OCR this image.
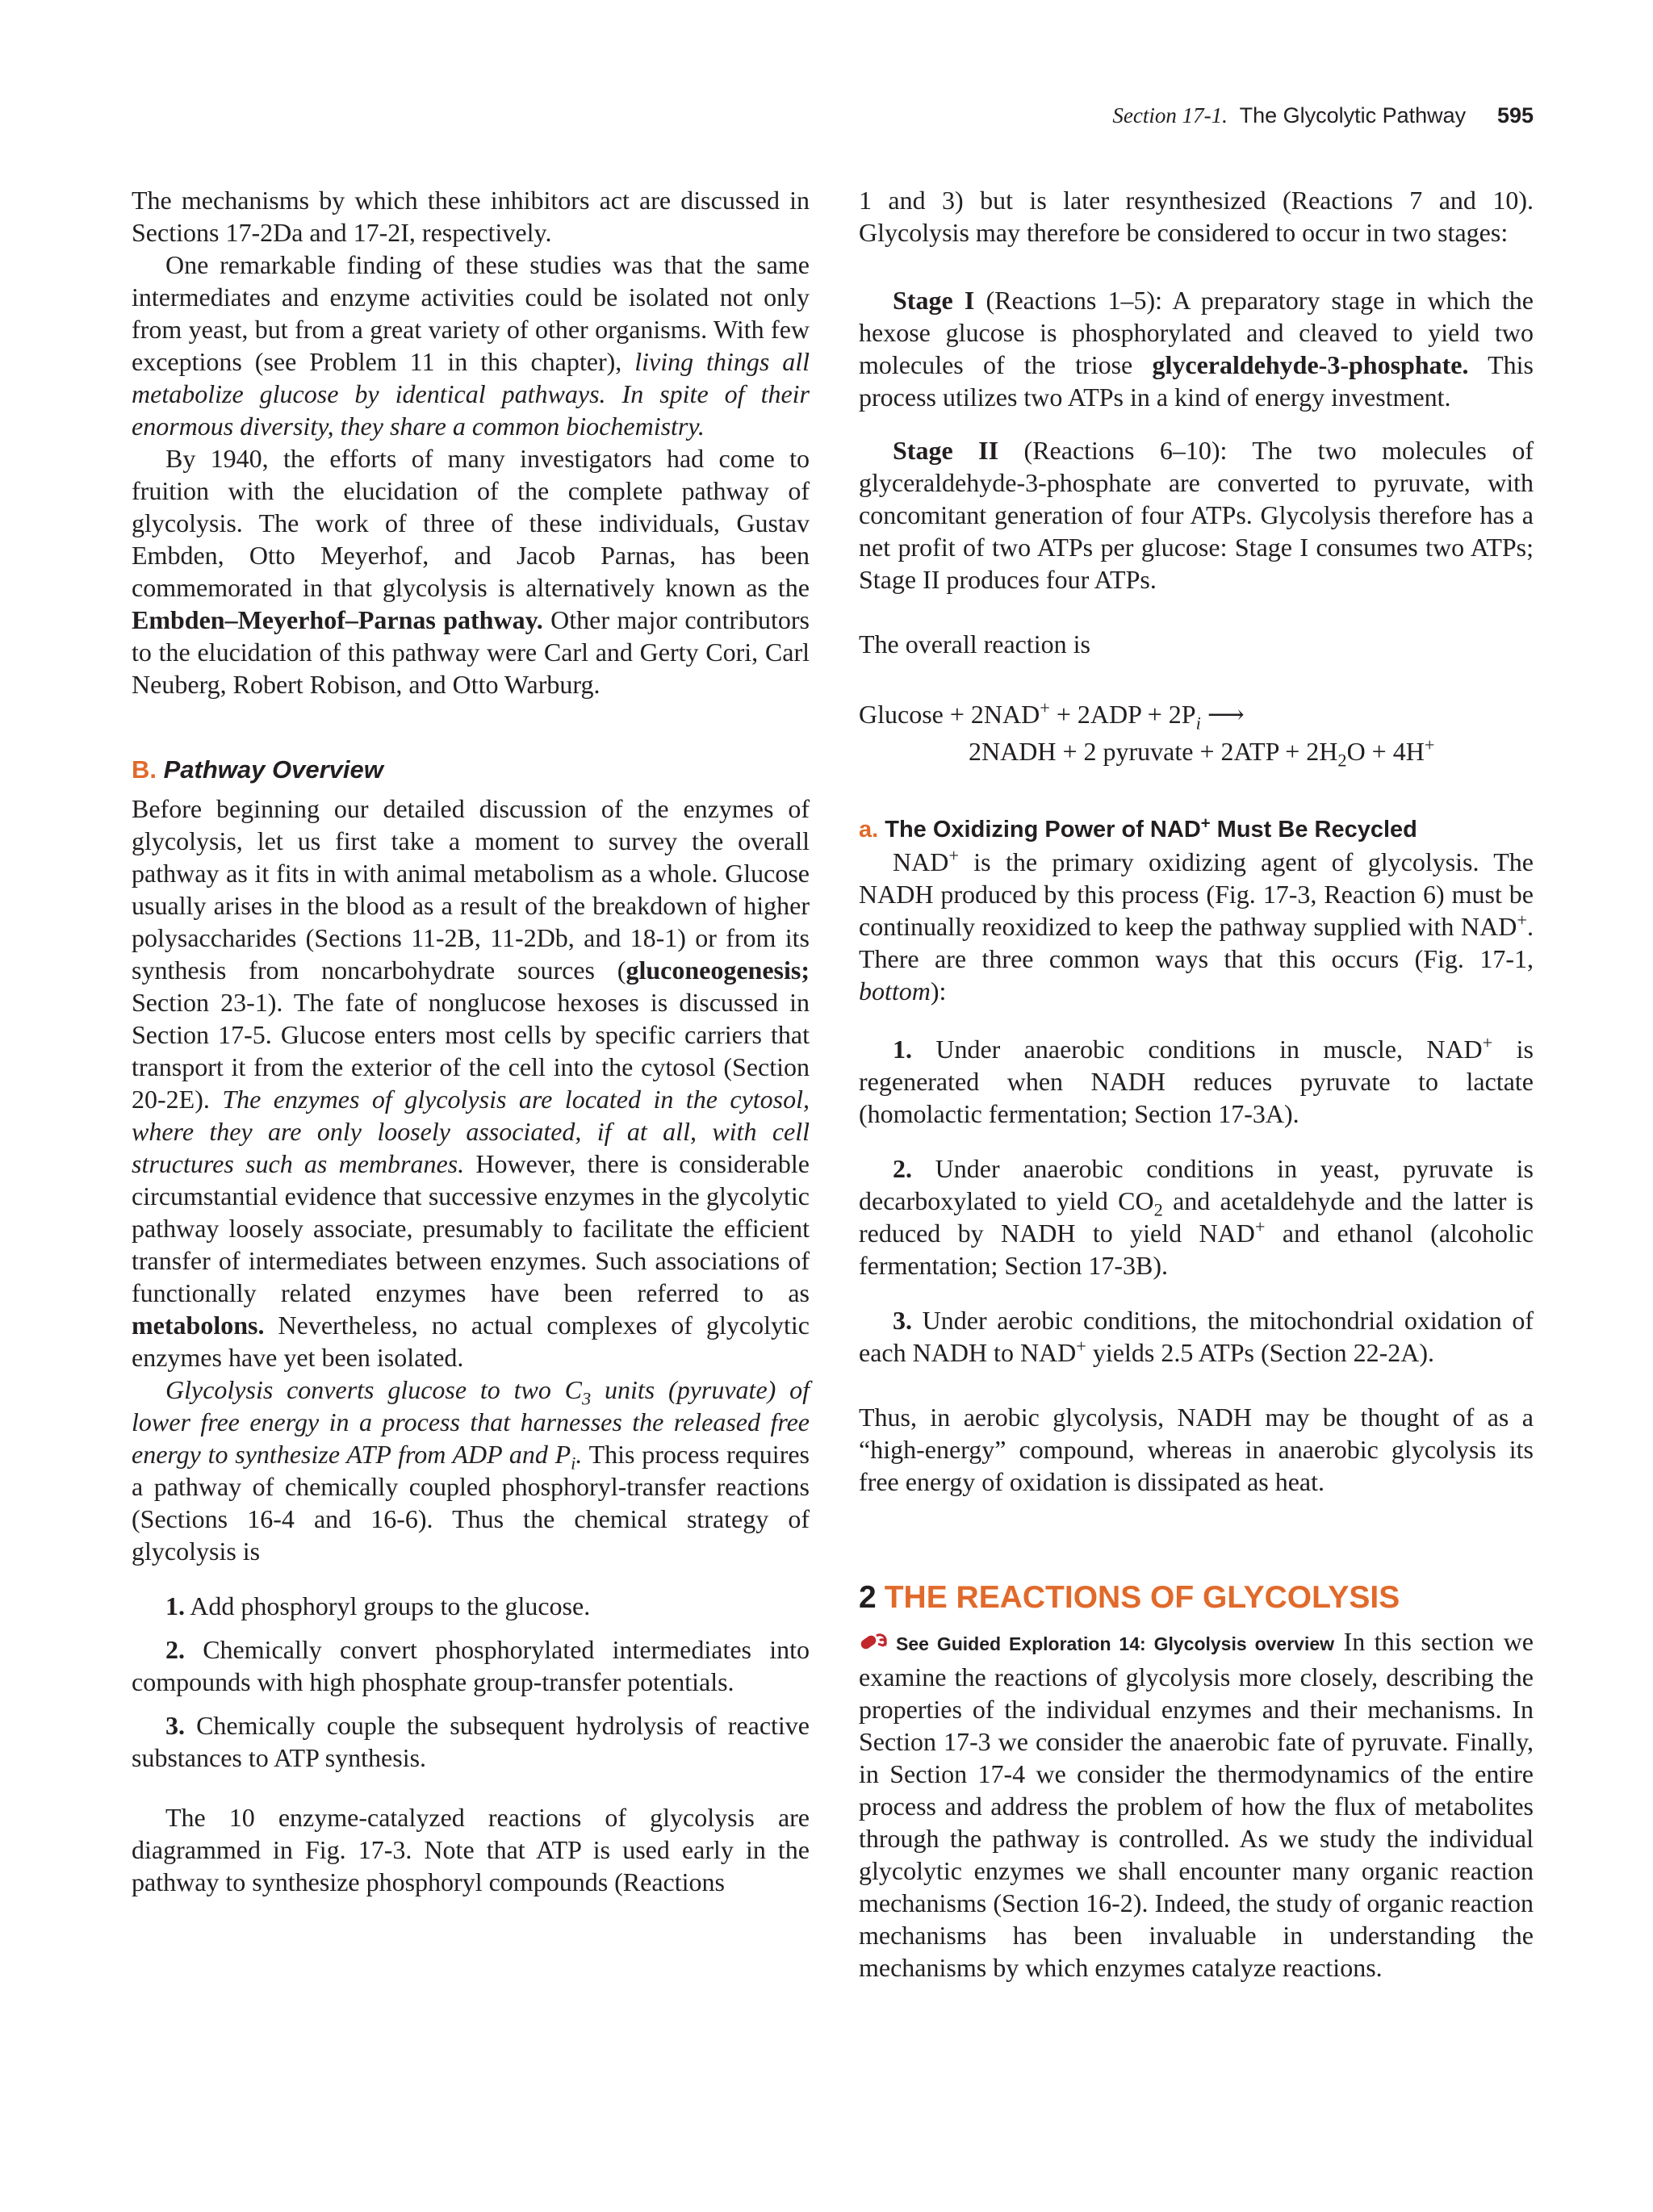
Section 17-1. The Glycolytic Pathway 595

The mechanisms by which these inhibitors act are discussed in Sections 17-2Da and 17-2I, respectively.

One remarkable finding of these studies was that the same intermediates and enzyme activities could be isolated not only from yeast, but from a great variety of other organisms. With few exceptions (see Problem 11 in this chapter), living things all metabolize glucose by identical pathways. In spite of their enormous diversity, they share a common biochemistry.

By 1940, the efforts of many investigators had come to fruition with the elucidation of the complete pathway of glycolysis. The work of three of these individuals, Gustav Embden, Otto Meyerhof, and Jacob Parnas, has been commemorated in that glycolysis is alternatively known as the Embden–Meyerhof–Parnas pathway. Other major contributors to the elucidation of this pathway were Carl and Gerty Cori, Carl Neuberg, Robert Robison, and Otto Warburg.

B. Pathway Overview

Before beginning our detailed discussion of the enzymes of glycolysis, let us first take a moment to survey the overall pathway as it fits in with animal metabolism as a whole. Glucose usually arises in the blood as a result of the breakdown of higher polysaccharides (Sections 11-2B, 11-2Db, and 18-1) or from its synthesis from noncarbohydrate sources (gluconeogenesis; Section 23-1). The fate of nonglucose hexoses is discussed in Section 17-5. Glucose enters most cells by specific carriers that transport it from the exterior of the cell into the cytosol (Section 20-2E). The enzymes of glycolysis are located in the cytosol, where they are only loosely associated, if at all, with cell structures such as membranes. However, there is considerable circumstantial evidence that successive enzymes in the glycolytic pathway loosely associate, presumably to facilitate the efficient transfer of intermediates between enzymes. Such associations of functionally related enzymes have been referred to as metabolons. Nevertheless, no actual complexes of glycolytic enzymes have yet been isolated.

Glycolysis converts glucose to two $C_3$ units (pyruvate) of lower free energy in a process that harnesses the released free energy to synthesize ATP from ADP and $P_i$. This process requires a pathway of chemically coupled phosphoryl-transfer reactions (Sections 16-4 and 16-6). Thus the chemical strategy of glycolysis is

1. Add phosphoryl groups to the glucose.

2. Chemically convert phosphorylated intermediates into compounds with high phosphate group-transfer potentials.

3. Chemically couple the subsequent hydrolysis of reactive substances to ATP synthesis.

The 10 enzyme-catalyzed reactions of glycolysis are diagrammed in Fig. 17-3. Note that ATP is used early in the pathway to synthesize phosphoryl compounds (Reactions

1 and 3) but is later resynthesized (Reactions 7 and 10). Glycolysis may therefore be considered to occur in two stages:

Stage I (Reactions 1–5): A preparatory stage in which the hexose glucose is phosphorylated and cleaved to yield two molecules of the triose glyceraldehyde-3-phosphate. This process utilizes two ATPs in a kind of energy investment.

Stage II (Reactions 6–10): The two molecules of glyceraldehyde-3-phosphate are converted to pyruvate, with concomitant generation of four ATPs. Glycolysis therefore has a net profit of two ATPs per glucose: Stage I consumes two ATPs; Stage II produces four ATPs.

The overall reaction is

$Glucose + 2NAD^+ + 2ADP + 2P_i$ ⟶
2NADH + 2 pyruvate + $2ATP + 2H_2O + 4H^+$
a. The Oxidizing Power of NAD+ Must Be Recycled

NAD+ is the primary oxidizing agent of glycolysis. The NADH produced by this process (Fig. 17-3, Reaction 6) must be continually reoxidized to keep the pathway supplied with NAD+. There are three common ways that this occurs (Fig. 17-1, bottom):

1. Under anaerobic conditions in muscle, NAD+ is regenerated when NADH reduces pyruvate to lactate (homolactic fermentation; Section 17-3A).

2. Under anaerobic conditions in yeast, pyruvate is decarboxylated to yield $CO_2$ and acetaldehyde and the latter is reduced by NADH to yield NAD+ and ethanol (alcoholic fermentation; Section 17-3B).

3. Under aerobic conditions, the mitochondrial oxidation of each NADH to NAD+ yields 2.5 ATPs (Section 22-2A).

Thus, in aerobic glycolysis, NADH may be thought of as a “high-energy” compound, whereas in anaerobic glycolysis its free energy of oxidation is dissipated as heat.

2 THE REACTIONS OF GLYCOLYSIS

See Guided Exploration 14: Glycolysis overview In this section we examine the reactions of glycolysis more closely, describing the properties of the individual enzymes and their mechanisms. In Section 17-3 we consider the anaerobic fate of pyruvate. Finally, in Section 17-4 we consider the thermodynamics of the entire process and address the problem of how the flux of metabolites through the pathway is controlled. As we study the individual glycolytic enzymes we shall encounter many organic reaction mechanisms (Section 16-2). Indeed, the study of organic reaction mechanisms has been invaluable in understanding the mechanisms by which enzymes catalyze reactions.
